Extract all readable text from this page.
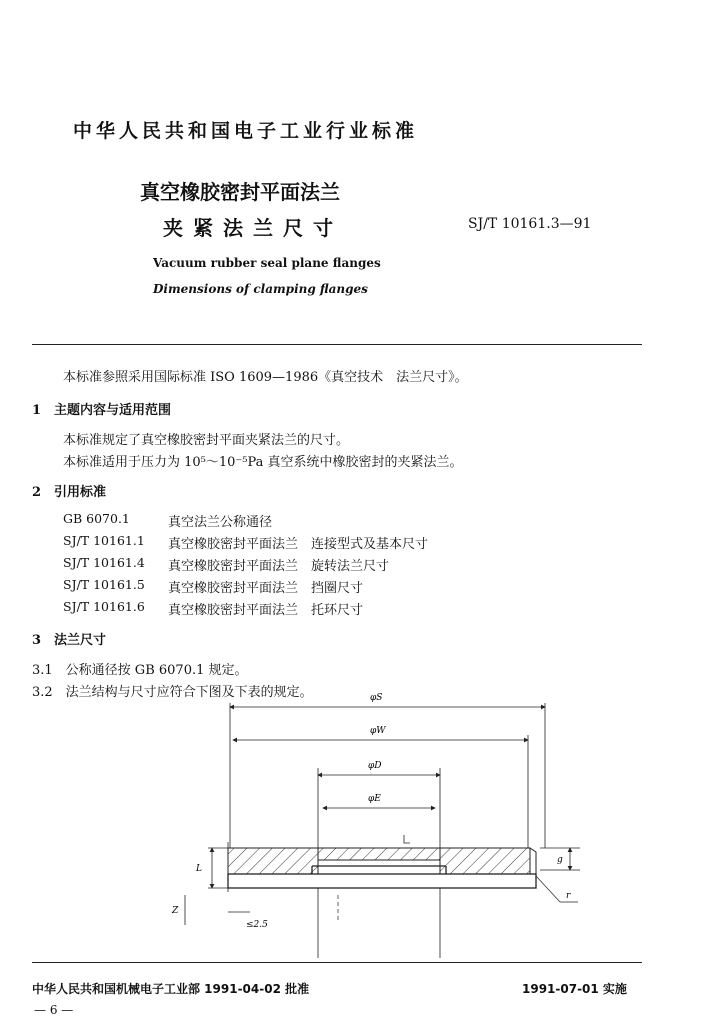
中华人民共和国电子工业行业标准
真空橡胶密封平面法兰
夹紧法兰尺寸	SJ/T 10161.3—91
Vacuum rubber seal plane flanges
Dimensions of clamping flanges
本标准参照采用国际标准 ISO 1609—1986《真空技术　法兰尺寸》。
1　主题内容与适用范围
本标准规定了真空橡胶密封平面夹紧法兰的尺寸。
本标准适用于压力为 10⁵～10⁻⁵Pa 真空系统中橡胶密封的夹紧法兰。
2　引用标准
GB 6070.1	真空法兰公称通径
SJ/T 10161.1 真空橡胶密封平面法兰　连接型式及基本尺寸
SJ/T 10161.4 真空橡胶密封平面法兰　旋转法兰尺寸
SJ/T 10161.5 真空橡胶密封平面法兰　挡圈尺寸
SJ/T 10161.6 真空橡胶密封平面法兰　托环尺寸
3　法兰尺寸
3.1　公称通径按 GB 6070.1 规定。
3.2　法兰结构与尺寸应符合下图及下表的规定。	φS
φW
φD
φE
L
Z
≤2.5
g
r
中华人民共和国机械电子工业部 1991-04-02 批准	1991-07-01 实施
— 6 —
